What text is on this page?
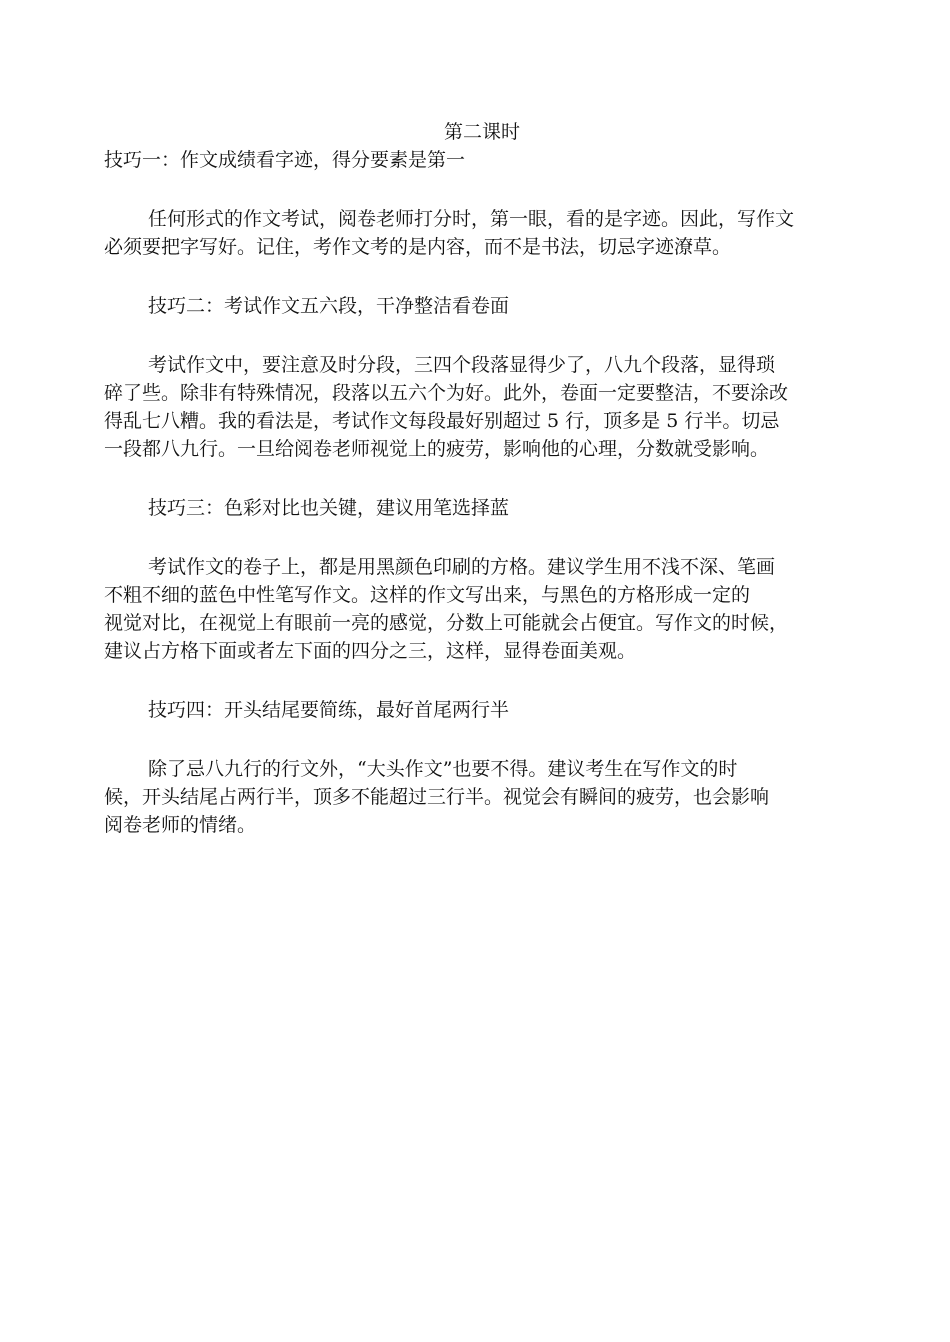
第二课时

技巧一：作文成绩看字迹，得分要素是第一

任何形式的作文考试，阅卷老师打分时，第一眼，看的是字迹。因此，写作文

必须要把字写好。记住，考作文考的是内容，而不是书法，切忌字迹潦草。

技巧二：考试作文五六段，干净整洁看卷面

考试作文中，要注意及时分段，三四个段落显得少了，八九个段落，显得琐

碎了些。除非有特殊情况，段落以五六个为好。此外，卷面一定要整洁，不要涂改

得乱七八糟。我的看法是，考试作文每段最好别超过 5 行，顶多是 5 行半。切忌

一段都八九行。一旦给阅卷老师视觉上的疲劳，影响他的心理，分数就受影响。

技巧三：色彩对比也关键，建议用笔选择蓝

考试作文的卷子上，都是用黑颜色印刷的方格。建议学生用不浅不深、笔画

不粗不细的蓝色中性笔写作文。这样的作文写出来，与黑色的方格形成一定的

视觉对比，在视觉上有眼前一亮的感觉，分数上可能就会占便宜。写作文的时候，

建议占方格下面或者左下面的四分之三，这样，显得卷面美观。

技巧四：开头结尾要简练，最好首尾两行半

除了忌八九行的行文外，“大头作文”也要不得。建议考生在写作文的时

候，开头结尾占两行半，顶多不能超过三行半。视觉会有瞬间的疲劳，也会影响

阅卷老师的情绪。
